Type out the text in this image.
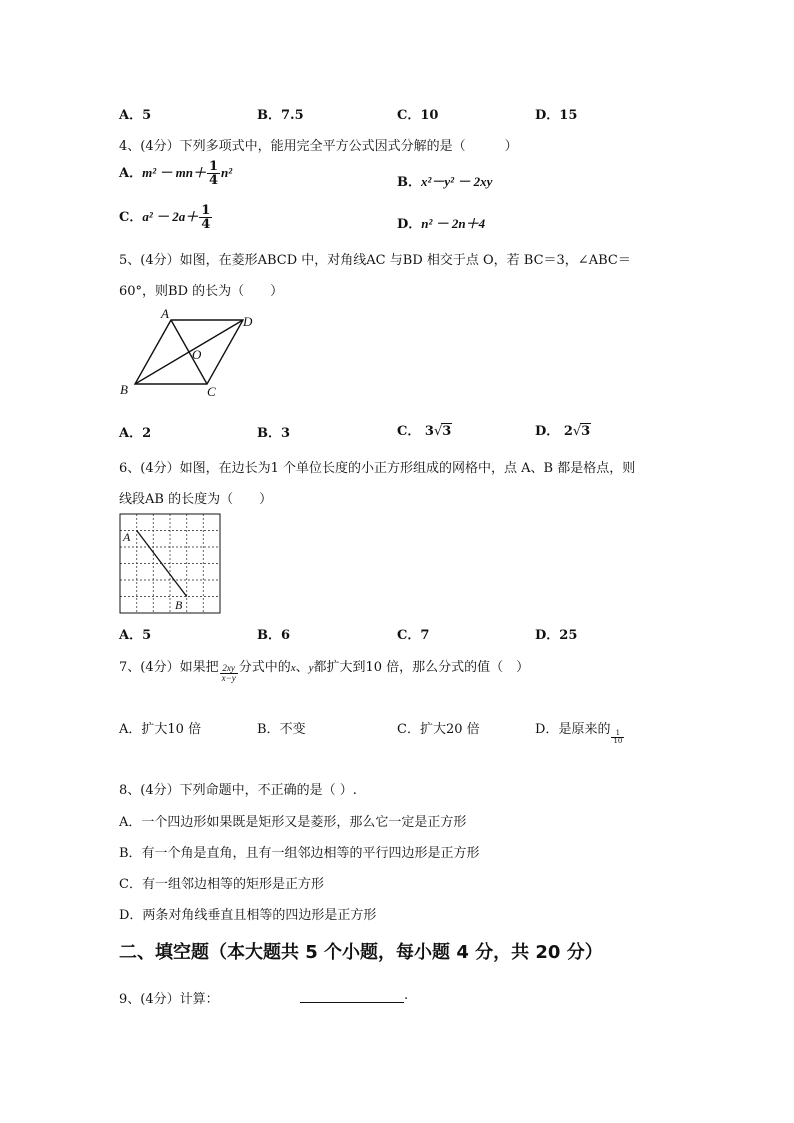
A．5	B．7.5	C．10	D．15
4、(4分）下列多项式中，能用完全平方公式因式分解的是（　　　）
A．$m^2 - mn+ \frac{1}{4} n^2$
B．x²－y² － 2xy
C．$a^2 - 2a+ \frac{1}{4}$	D．n² － 2n＋4
5、(4分）如图，在菱形ABCD 中，对角线AC 与BD 相交于点 O，若 BC＝3，∠ABC＝
60°，则BD 的长为（　　）
A
D
O
B	C
A．2	B．3	C． 3√3	D． 2√3
6、(4分）如图，在边长为1 个单位长度的小正方形组成的网格中，点 A、B 都是格点，则
线段AB 的长度为（　　）
A
B
A．5	B．6	C．7	D．25
7、(4分）如果把 $\frac{2xy}{x-y}$ 分式中的x、y都扩大到10 倍，那么分式的值（　）
A．扩大10 倍	B．不变	C．扩大20 倍	D．是原来的
$\frac{1}{10}$
8、(4分）下列命题中，不正确的是（ ）.
A．一个四边形如果既是矩形又是菱形，那么它一定是正方形
B．有一个角是直角，且有一组邻边相等的平行四边形是正方形
C．有一组邻边相等的矩形是正方形
D．两条对角线垂直且相等的四边形是正方形
二、填空题（本大题共 5 个小题，每小题 4 分，共 20 分）
9、(4分）计算：	.
